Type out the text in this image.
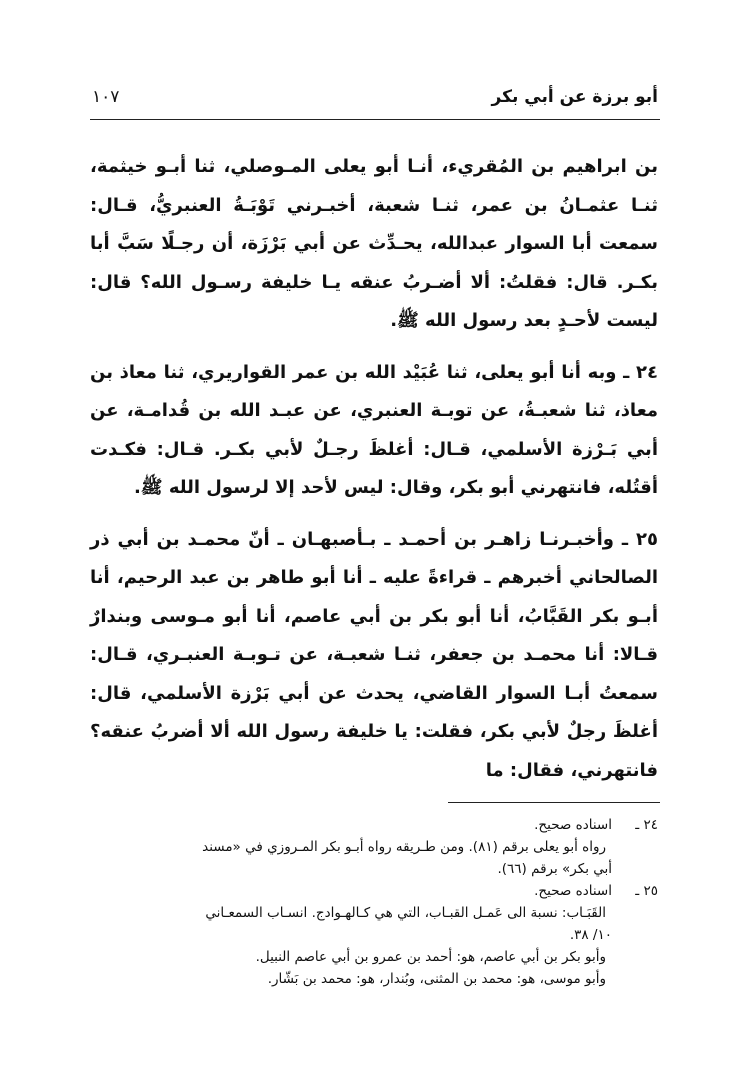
أبو برزة عن أبي بكر
١٠٧

بن ابراهيم بن المُقريء، أنـا أبو يعلى المـوصلي، ثنا أبـو خيثمة، ثنـا عثمـانُ بن عمر، ثنـا شعبة، أخبـرني تَوْبَـةُ العنبريُّ، قـال: سمعت أبا السوار عبدالله، يحـدِّث عن أبي بَرْزَة، أن رجـلًا سَبَّ أبا بكـر. قال: فقلتُ: ألا أضـربُ عنقه يـا خليفة رسـول الله؟ قال: ليست لأحـدٍ بعد رسول الله ﷺ.

٢٤ ـ وبه أنا أبو يعلى، ثنا عُبَيْد الله بن عمر القواريري، ثنا معاذ بن معاذ، ثنا شعبـةُ، عن توبـة العنبري، عن عبـد الله بن قُدامـة، عن أبي بَـرْزة الأسلمي، قـال: أغلظَ رجـلٌ لأبي بكـر. قـال: فكـدت أقتُله، فانتهرني أبو بكر، وقال: ليس لأحد إلا لرسول الله ﷺ.

٢٥ ـ وأخبـرنـا زاهـر بن أحمـد ـ بـأصبهـان ـ أنّ محمـد بن أبي ذر الصالحاني أخبرهم ـ قراءةً عليه ـ أنا أبو طاهر بن عبد الرحيم، أنا أبـو بكر القَبَّابُ، أنا أبو بكر بن أبي عاصم، أنا أبو مـوسى وبندارٌ قـالا: أنا محمـد بن جعفر، ثنـا شعبـة، عن تـوبـة العنبـري، قـال: سمعتُ أبـا السوار القاضي، يحدث عن أبي بَرْزة الأسلمي، قال: أغلظَ رجلٌ لأبي بكر، فقلت: يا خليفة رسول الله ألا أضربُ عنقه؟ فانتهرني، فقال: ما

٢٤ ـ

اسناده صحيح.

رواه أبو يعلى برقم (٨١). ومن طـريقه رواه أبـو بكر المـروزي في «مسند

أبي بكر» برقم (٦٦).

٢٥ ـ

اسناده صحيح.

القَبَـاب: نسبة الى عَمـل القبـاب، التي هي كـالهـوادج. انسـاب السمعـاني

١٠/ ٣٨.

وأبو بكر بن أبي عاصم، هو: أحمد بن عمرو بن أبي عاصم النبيل.

وأبو موسى، هو: محمد بن المثنى، وبُندار، هو: محمد بن بَشّار.
